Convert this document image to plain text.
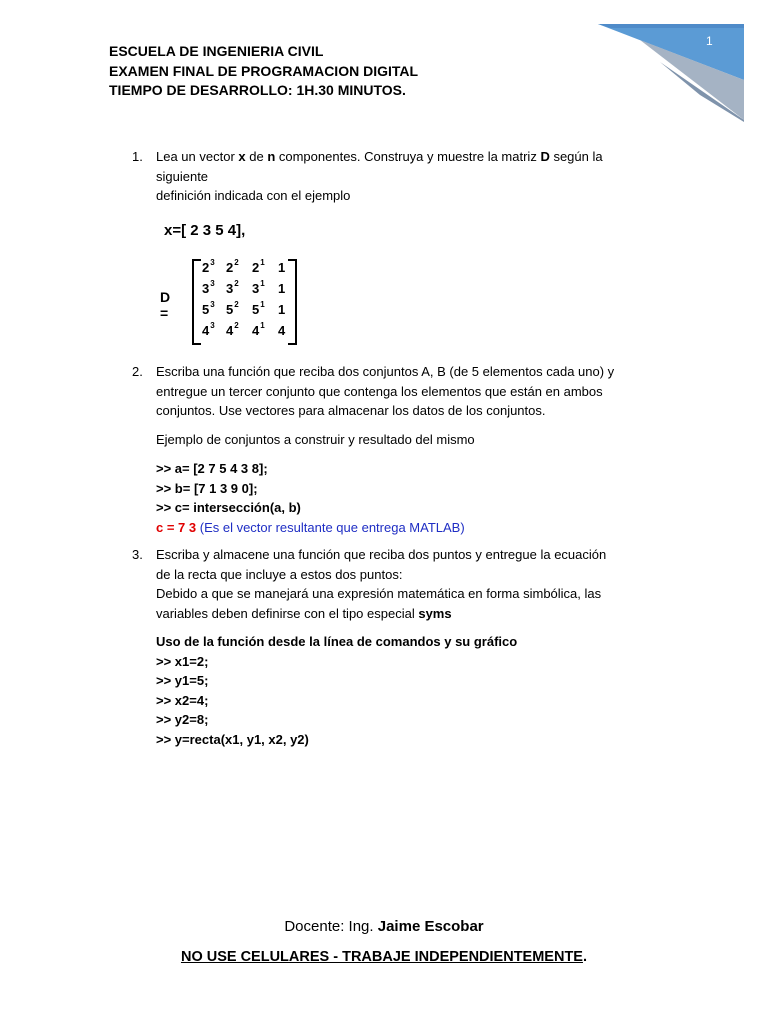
1
ESCUELA DE INGENIERIA CIVIL
EXAMEN FINAL DE PROGRAMACION DIGITAL
TIEMPO DE DESARROLLO: 1H.30 MINUTOS.
1. Lea un vector x de n componentes. Construya y muestre la matriz D según la
siguiente
definición indicada con el ejemplo
x=[ 2 3 5 4],
D =
$2^3$ $2^2$ $2^1$ 1
$3^3$ $3^2$ $3^1$ 1
$5^3$ $5^2$ $5^1$ 1
$4^3$ $4^2$ $4^1$ 4
2. Escriba una función que reciba dos conjuntos A, B (de 5 elementos cada uno) y
entregue un tercer conjunto que contenga los elementos que están en ambos
conjuntos. Use vectores para almacenar los datos de los conjuntos.
Ejemplo de conjuntos a construir y resultado del mismo
>> a= [2 7 5 4 3 8];
>> b= [7 1 3 9 0];
>> c= intersección(a, b)
c = 7 3 (Es el vector resultante que entrega MATLAB)
3. Escriba y almacene una función que reciba dos puntos y entregue la ecuación
de la recta que incluye a estos dos puntos:
Debido a que se manejará una expresión matemática en forma simbólica, las
variables deben definirse con el tipo especial syms
Uso de la función desde la línea de comandos y su gráfico
>> x1=2;
>> y1=5;
>> x2=4;
>> y2=8;
>> y=recta(x1, y1, x2, y2)
Docente: Ing. Jaime Escobar
NO USE CELULARES - TRABAJE INDEPENDIENTEMENTE.
